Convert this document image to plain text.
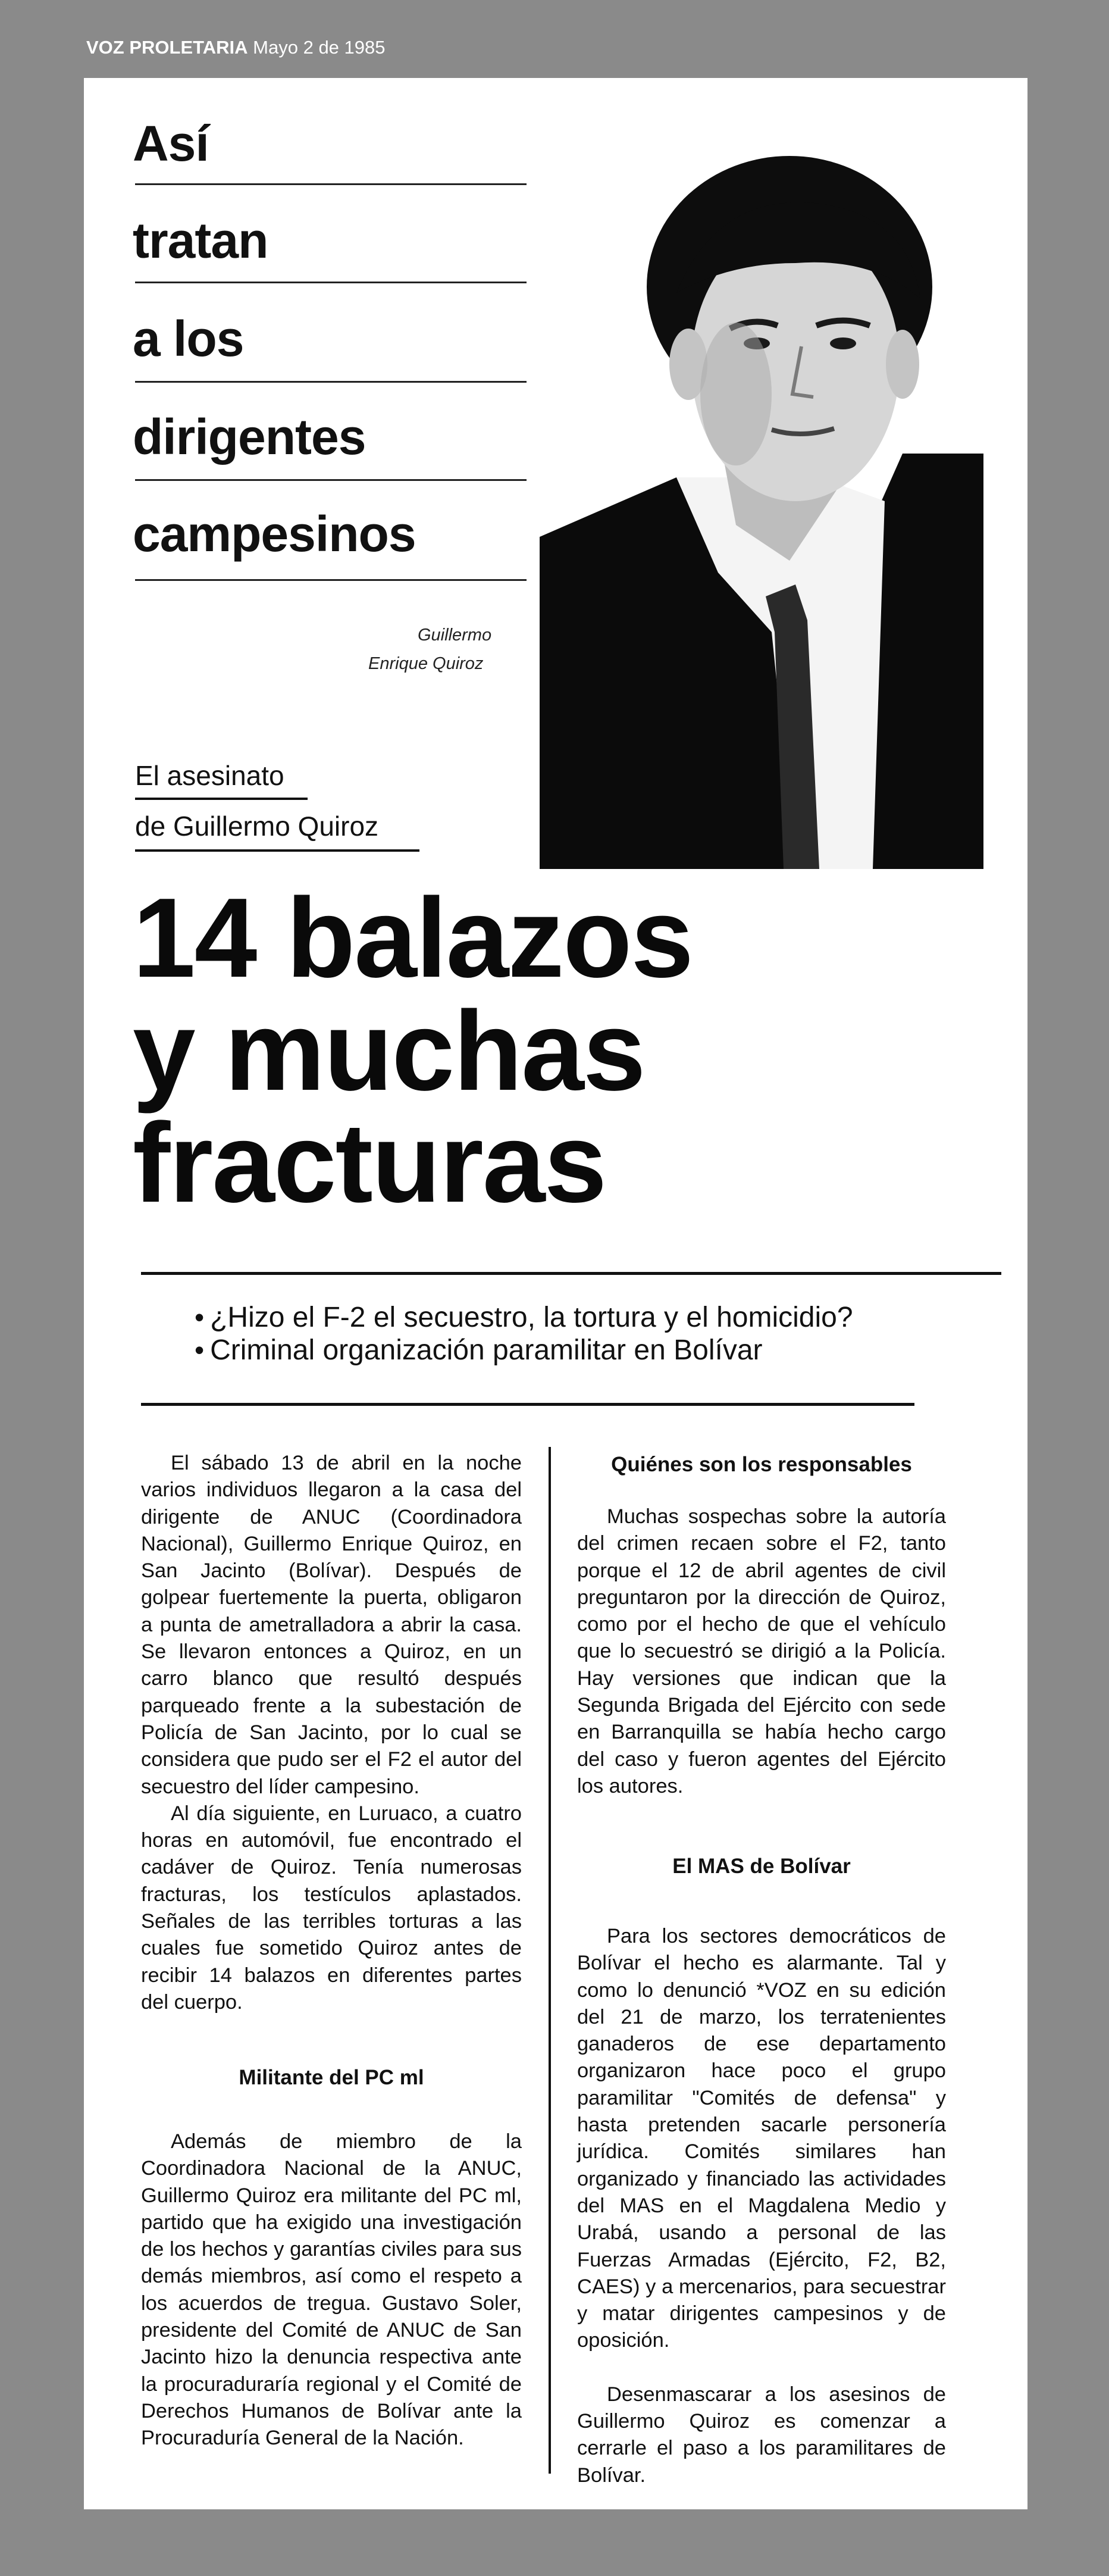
VOZ PROLETARIA Mayo 2 de 1985
Así
tratan
a los
dirigentes
campesinos
Guillermo
Enrique Quiroz
El asesinato
de Guillermo Quiroz
14 balazos
y muchas
fracturas
• ¿Hizo el F-2 el secuestro, la tortura y el homicidio?
• Criminal organización paramilitar en Bolívar

El sábado 13 de abril en la noche varios individuos llegaron a la casa del dirigente de ANUC (Coordinadora Nacional), Guillermo Enrique Quiroz, en San Jacinto (Bolívar). Después de golpear fuertemente la puerta, obligaron a punta de ametralladora a abrir la casa. Se llevaron entonces a Quiroz, en un carro blanco que resultó después parqueado frente a la subestación de Policía de San Jacinto, por lo cual se considera que pudo ser el F2 el autor del secuestro del líder campesino.

Al día siguiente, en Luruaco, a cuatro horas en automóvil, fue encontrado el cadáver de Quiroz. Tenía numerosas fracturas, los testículos aplastados. Señales de las terribles torturas a las cuales fue sometido Quiroz antes de recibir 14 balazos en diferentes partes del cuerpo.

Militante del PC ml

Además de miembro de la Coordinadora Nacional de la ANUC, Guillermo Quiroz era militante del PC ml, partido que ha exigido una investigación de los hechos y garantías civiles para sus demás miembros, así como el respeto a los acuerdos de tregua. Gustavo Soler, presidente del Comité de ANUC de San Jacinto hizo la denuncia respectiva ante la procuraduraría regional y el Comité de Derechos Humanos de Bolívar ante la Procuraduría General de la Nación.

Quiénes son los responsables

Muchas sospechas sobre la autoría del crimen recaen sobre el F2, tanto porque el 12 de abril agentes de civil preguntaron por la dirección de Quiroz, como por el hecho de que el vehículo que lo secuestró se dirigió a la Policía. Hay versiones que indican que la Segunda Brigada del Ejército con sede en Barranquilla se había hecho cargo del caso y fueron agentes del Ejército los autores.

El MAS de Bolívar

Para los sectores democráticos de Bolívar el hecho es alarmante. Tal y como lo denunció *VOZ en su edición del 21 de marzo, los terratenientes ganaderos de ese departamento organizaron hace poco el grupo paramilitar "Comités de defensa" y hasta pretenden sacarle personería jurídica. Comités similares han organizado y financiado las actividades del MAS en el Magdalena Medio y Urabá, usando a personal de las Fuerzas Armadas (Ejército, F2, B2, CAES) y a mercenarios, para secuestrar y matar dirigentes campesinos y de oposición.

Desenmascarar a los asesinos de Guillermo Quiroz es comenzar a cerrarle el paso a los paramilitares de Bolívar.
